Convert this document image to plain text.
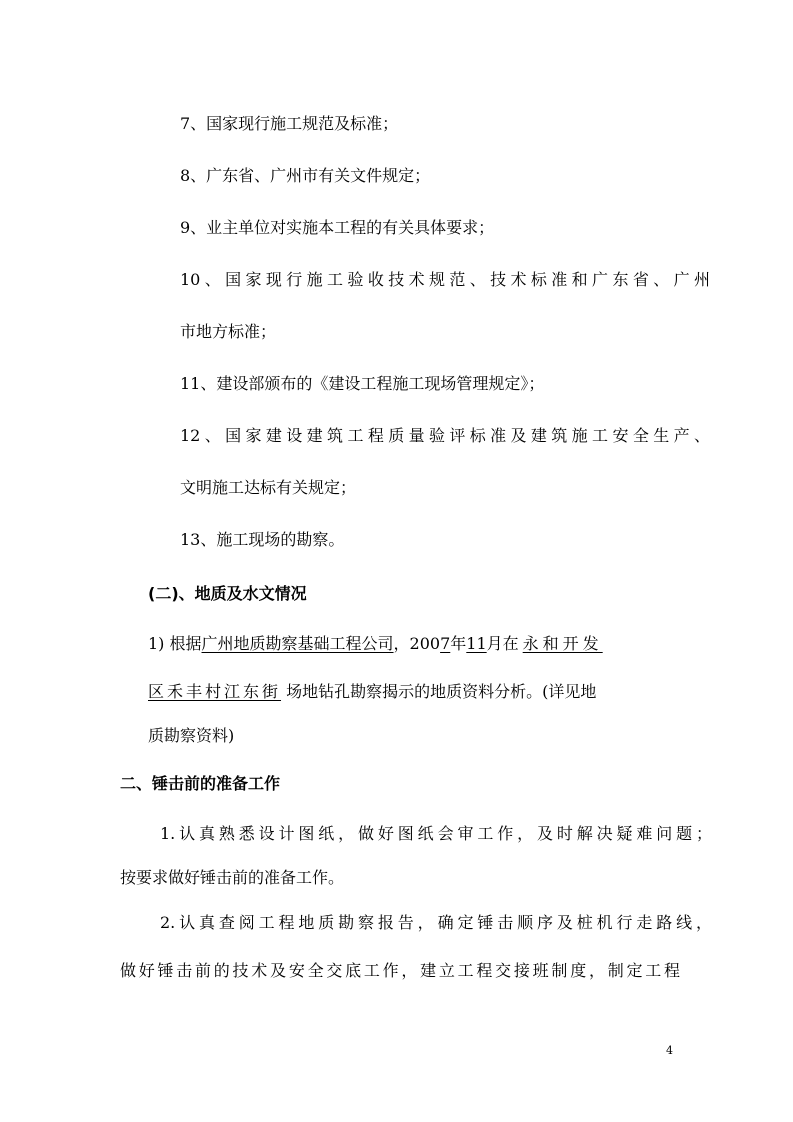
7、国家现行施工规范及标准；
8、广东省、广州市有关文件规定；
9、业主单位对实施本工程的有关具体要求；
10、国家现行施工验收技术规范、技术标准和广东省、广州
市地方标准；
11、建设部颁布的《建设工程施工现场管理规定》；
12、国家建设建筑工程质量验评标准及建筑施工安全生产、
文明施工达标有关规定；
13、施工现场的勘察。
(二)、地质及水文情况
1) 根据广州地质勘察基础工程公司，2007年11月在 永和开发
区禾丰村江东街 场地钻孔勘察揭示的地质资料分析。(详见地
质勘察资料)
二、锤击前的准备工作
1.认真熟悉设计图纸，做好图纸会审工作，及时解决疑难问题；
按要求做好锤击前的准备工作。
2.认真查阅工程地质勘察报告，确定锤击顺序及桩机行走路线，
做好锤击前的技术及安全交底工作，建立工程交接班制度，制定工程
4
